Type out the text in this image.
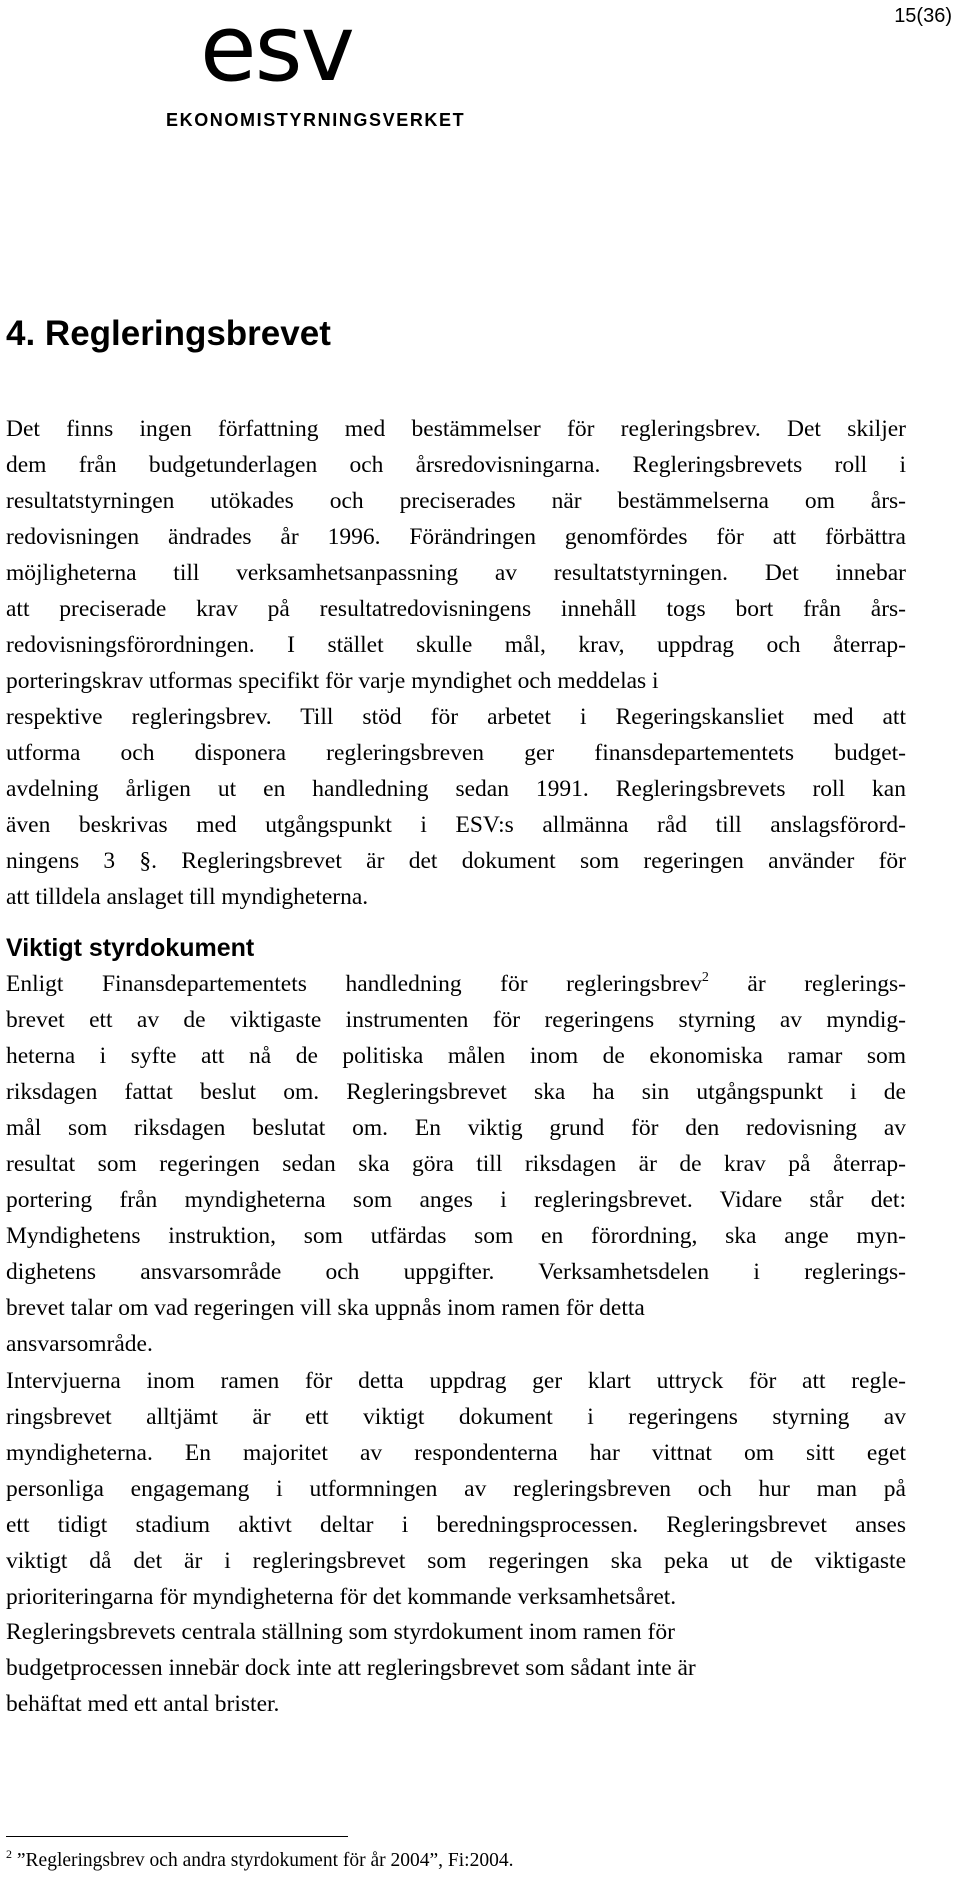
15(36)
esv
EKONOMISTYRNINGSVERKET
4. Regleringsbrevet
Det finns ingen författning med bestämmelser för regleringsbrev. Det skiljer
dem från budgetunderlagen och årsredovisningarna. Regleringsbrevets roll i
resultatstyrningen utökades och preciserades när bestämmelserna om års-
redovisningen ändrades år 1996. Förändringen genomfördes för att förbättra
möjligheterna till verksamhetsanpassning av resultatstyrningen. Det innebar
att preciserade krav på resultatredovisningens innehåll togs bort från års-
redovisningsförordningen. I stället skulle mål, krav, uppdrag och återrap-
porteringskrav utformas specifikt för varje myndighet och meddelas i
respektive regleringsbrev. Till stöd för arbetet i Regeringskansliet med att
utforma och disponera regleringsbreven ger finansdepartementets budget-
avdelning årligen ut en handledning sedan 1991. Regleringsbrevets roll kan
även beskrivas med utgångspunkt i ESV:s allmänna råd till anslagsförord-
ningens 3 §. Regleringsbrevet är det dokument som regeringen använder för
att tilldela anslaget till myndigheterna.
Viktigt styrdokument
Enligt Finansdepartementets handledning för regleringsbrev$^2$ är reglerings-
brevet ett av de viktigaste instrumenten för regeringens styrning av myndig-
heterna i syfte att nå de politiska målen inom de ekonomiska ramar som
riksdagen fattat beslut om. Regleringsbrevet ska ha sin utgångspunkt i de
mål som riksdagen beslutat om. En viktig grund för den redovisning av
resultat som regeringen sedan ska göra till riksdagen är de krav på återrap-
portering från myndigheterna som anges i regleringsbrevet. Vidare står det:
Myndighetens instruktion, som utfärdas som en förordning, ska ange myn-
dighetens ansvarsområde och uppgifter. Verksamhetsdelen i reglerings-
brevet talar om vad regeringen vill ska uppnås inom ramen för detta
ansvarsområde.
Intervjuerna inom ramen för detta uppdrag ger klart uttryck för att regle-
ringsbrevet alltjämt är ett viktigt dokument i regeringens styrning av
myndigheterna. En majoritet av respondenterna har vittnat om sitt eget
personliga engagemang i utformningen av regleringsbreven och hur man på
ett tidigt stadium aktivt deltar i beredningsprocessen. Regleringsbrevet anses
viktigt då det är i regleringsbrevet som regeringen ska peka ut de viktigaste
prioriteringarna för myndigheterna för det kommande verksamhetsåret.
Regleringsbrevets centrala ställning som styrdokument inom ramen för
budgetprocessen innebär dock inte att regleringsbrevet som sådant inte är
behäftat med ett antal brister.
$^2$ ”Regleringsbrev och andra styrdokument för år 2004”, Fi:2004.
